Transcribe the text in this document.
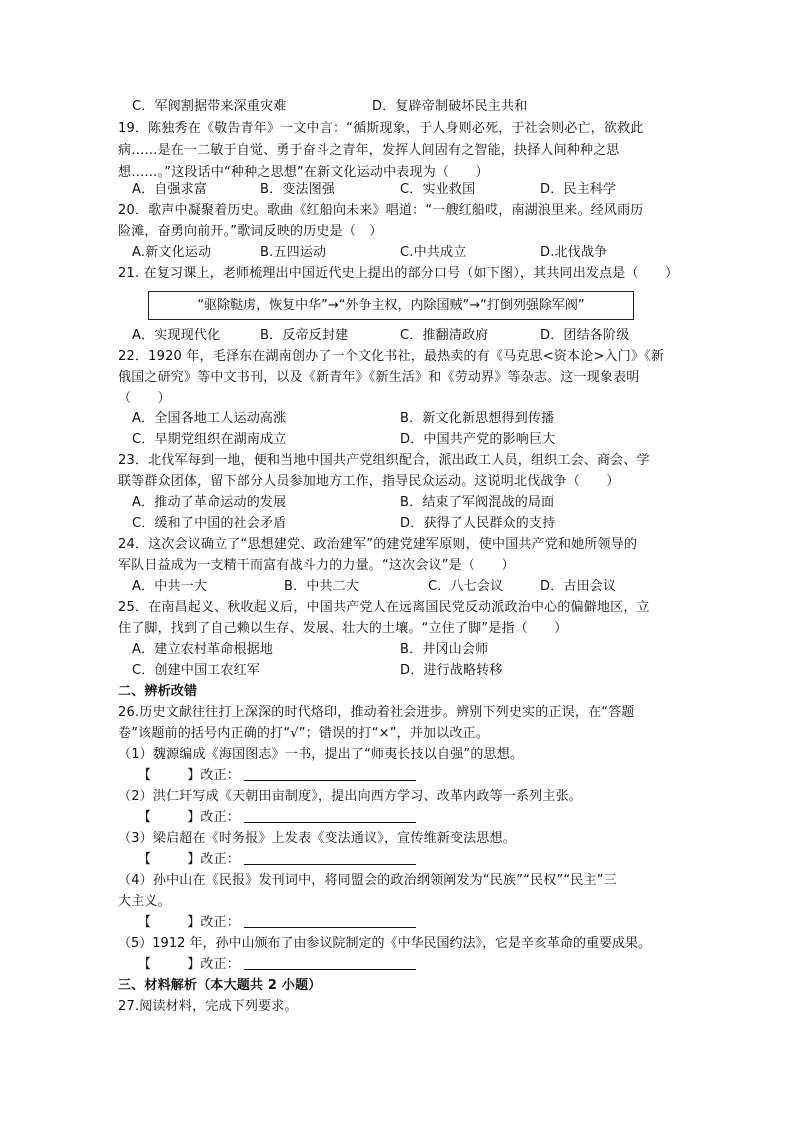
C．军阀割据带来深重灾难	D．复辟帝制破坏民主共和
19．陈独秀在《敬告青年》一文中言：“循斯现象，于人身则必死，于社会则必亡，欲救此
病……是在一二敏于自觉、勇于奋斗之青年，发挥人间固有之智能，抉择人间种种之思
想……。”这段话中“种种之思想”在新文化运动中表现为（　　）
A．自强求富	B．变法图强	C．实业救国	D．民主科学
20．歌声中凝聚着历史。歌曲《红船向未来》唱道：“一艘红船哎，南湖浪里来。经风雨历
险滩，奋勇向前开。”歌词反映的历史是（　）
A.新文化运动	B.五四运动	C.中共成立	D.北伐战争
21. 在复习课上，老师梳理出中国近代史上提出的部分口号（如下图），其共同出发点是（　　）
“驱除鞑虏，恢复中华”→“外争主权，内除国贼”→“打倒列强除军阀”
A．实现现代化	B．反帝反封建	C．推翻清政府	D．团结各阶级
22．1920 年，毛泽东在湖南创办了一个文化书社，最热卖的有《马克思<资本论>入门》《新
俄国之研究》等中文书刊，以及《新青年》《新生活》和《劳动界》等杂志。这一现象表明
（　　）
A．全国各地工人运动高涨	B．新文化新思想得到传播
C．早期党组织在湖南成立	D．中国共产党的影响巨大
23．北伐军每到一地，便和当地中国共产党组织配合，派出政工人员，组织工会、商会、学
联等群众团体，留下部分人员参加地方工作，指导民众运动。这说明北伐战争（　　）
A．推动了革命运动的发展	B．结束了军阀混战的局面
C．缓和了中国的社会矛盾	D．获得了人民群众的支持
24．这次会议确立了“思想建党、政治建军”的建党建军原则，使中国共产党和她所领导的
军队日益成为一支精干而富有战斗力的力量。“这次会议”是（　　）
A．中共一大	B．中共二大	C．八七会议	D．古田会议
25．在南昌起义、秋收起义后，中国共产党人在远离国民党反动派政治中心的偏僻地区，立
住了脚，找到了自己赖以生存、发展、壮大的土壤。“立住了脚”是指（　　）
A．建立农村革命根据地	B．井冈山会师
C．创建中国工农红军	D．进行战略转移
二、辨析改错
26.历史文献往往打上深深的时代烙印，推动着社会进步。辨别下列史实的正误，在“答题
卷”该题前的括号内正确的打“√”；错误的打“×”，并加以改正。
（1）魏源编成《海国图志》一书，提出了“师夷长技以自强”的思想。
【	】改正：
（2）洪仁玕写成《天朝田亩制度》，提出向西方学习、改革内政等一系列主张。
【	】改正：
（3）梁启超在《时务报》上发表《变法通议》，宣传维新变法思想。
【	】改正：
（4）孙中山在《民报》发刊词中，将同盟会的政治纲领阐发为“民族”“民权”“民主”三
大主义。
【	】改正：
（5）1912 年，孙中山颁布了由参议院制定的《中华民国约法》，它是辛亥革命的重要成果。
【	】改正：
三、材料解析（本大题共 2 小题）
27.阅读材料，完成下列要求。
